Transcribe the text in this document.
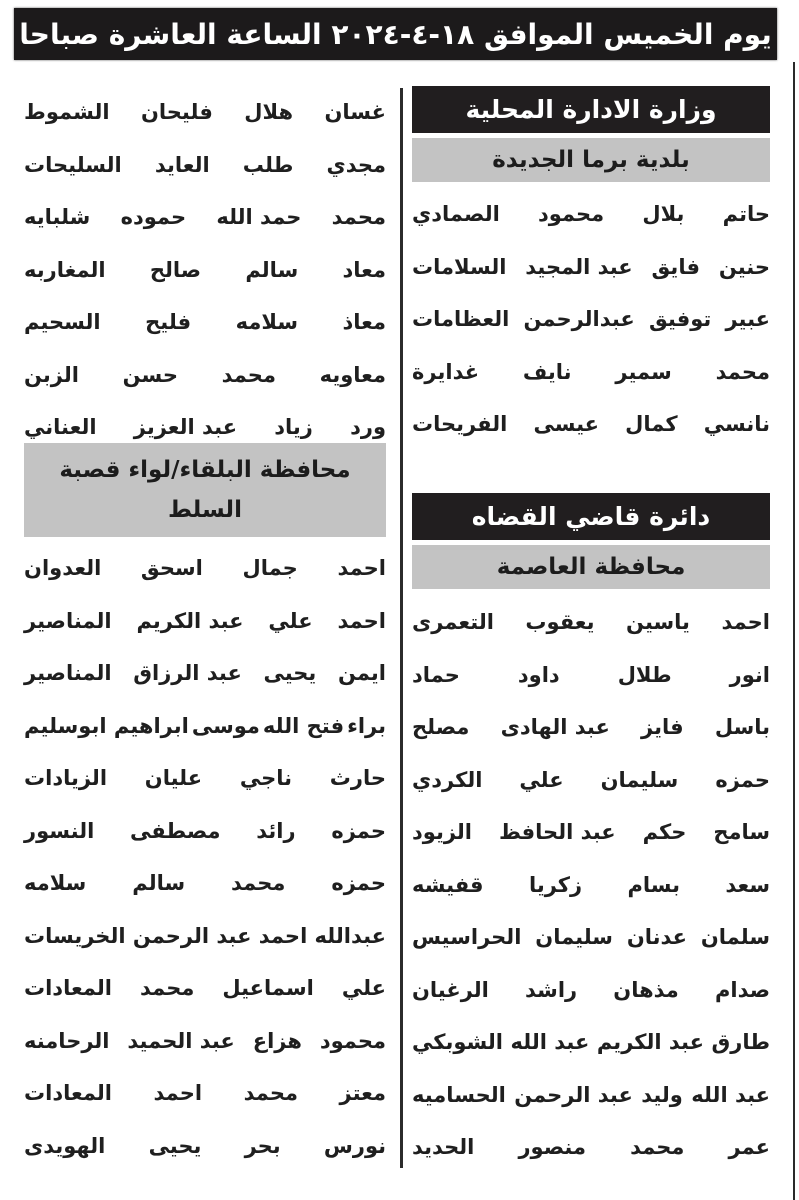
يوم الخميس الموافق ١٨-٤-٢٠٢٤ الساعة العاشرة صباحا
وزارة الادارة المحلية
بلدية برما الجديدة
حاتم
بلال
محمود
الصمادي
حنين
فايق
عبد المجيد
السلامات
عبير
توفيق
عبدالرحمن
العظامات
محمد
سمير
نايف
غدايرة
نانسي
كمال
عيسى
الفريحات
دائرة قاضي القضاه
محافظة العاصمة
احمد
ياسين
يعقوب
التعمرى
انور
طلال
داود
حماد
باسل
فايز
عبد الهادى
مصلح
حمزه
سليمان
علي
الكردي
سامح
حكم
عبد الحافظ
الزيود
سعد
بسام
زكريا
قفيشه
سلمان
عدنان
سليمان
الحراسيس
صدام
مذهان
راشد
الرغيان
طارق
عبد الكريم
عبد الله
الشوبكي
عبد الله
وليد
عبد الرحمن
الحساميه
عمر
محمد
منصور
الحديد
غسان
هلال
فليحان
الشموط
مجدي
طلب
العايد
السليحات
محمد
حمد الله
حموده
شلبايه
معاد
سالم
صالح
المغاربه
معاذ
سلامه
فليح
السحيم
معاويه
محمد
حسن
الزبن
ورد
زياد
عبد العزيز
العناني
محافظة البلقاء/لواء قصبة السلط
احمد
جمال
اسحق
العدوان
احمد
علي
عبد الكريم
المناصير
ايمن
يحيى
عبد الرزاق
المناصير
براء
فتح الله
موسى
ابراهيم ابوسليم
حارث
ناجي
عليان
الزيادات
حمزه
رائد
مصطفى
النسور
حمزه
محمد
سالم
سلامه
عبدالله
احمد
عبد الرحمن
الخريسات
علي
اسماعيل
محمد
المعادات
محمود
هزاع
عبد الحميد
الرحامنه
معتز
محمد
احمد
المعادات
نورس
بحر
يحيى
الهويدى
